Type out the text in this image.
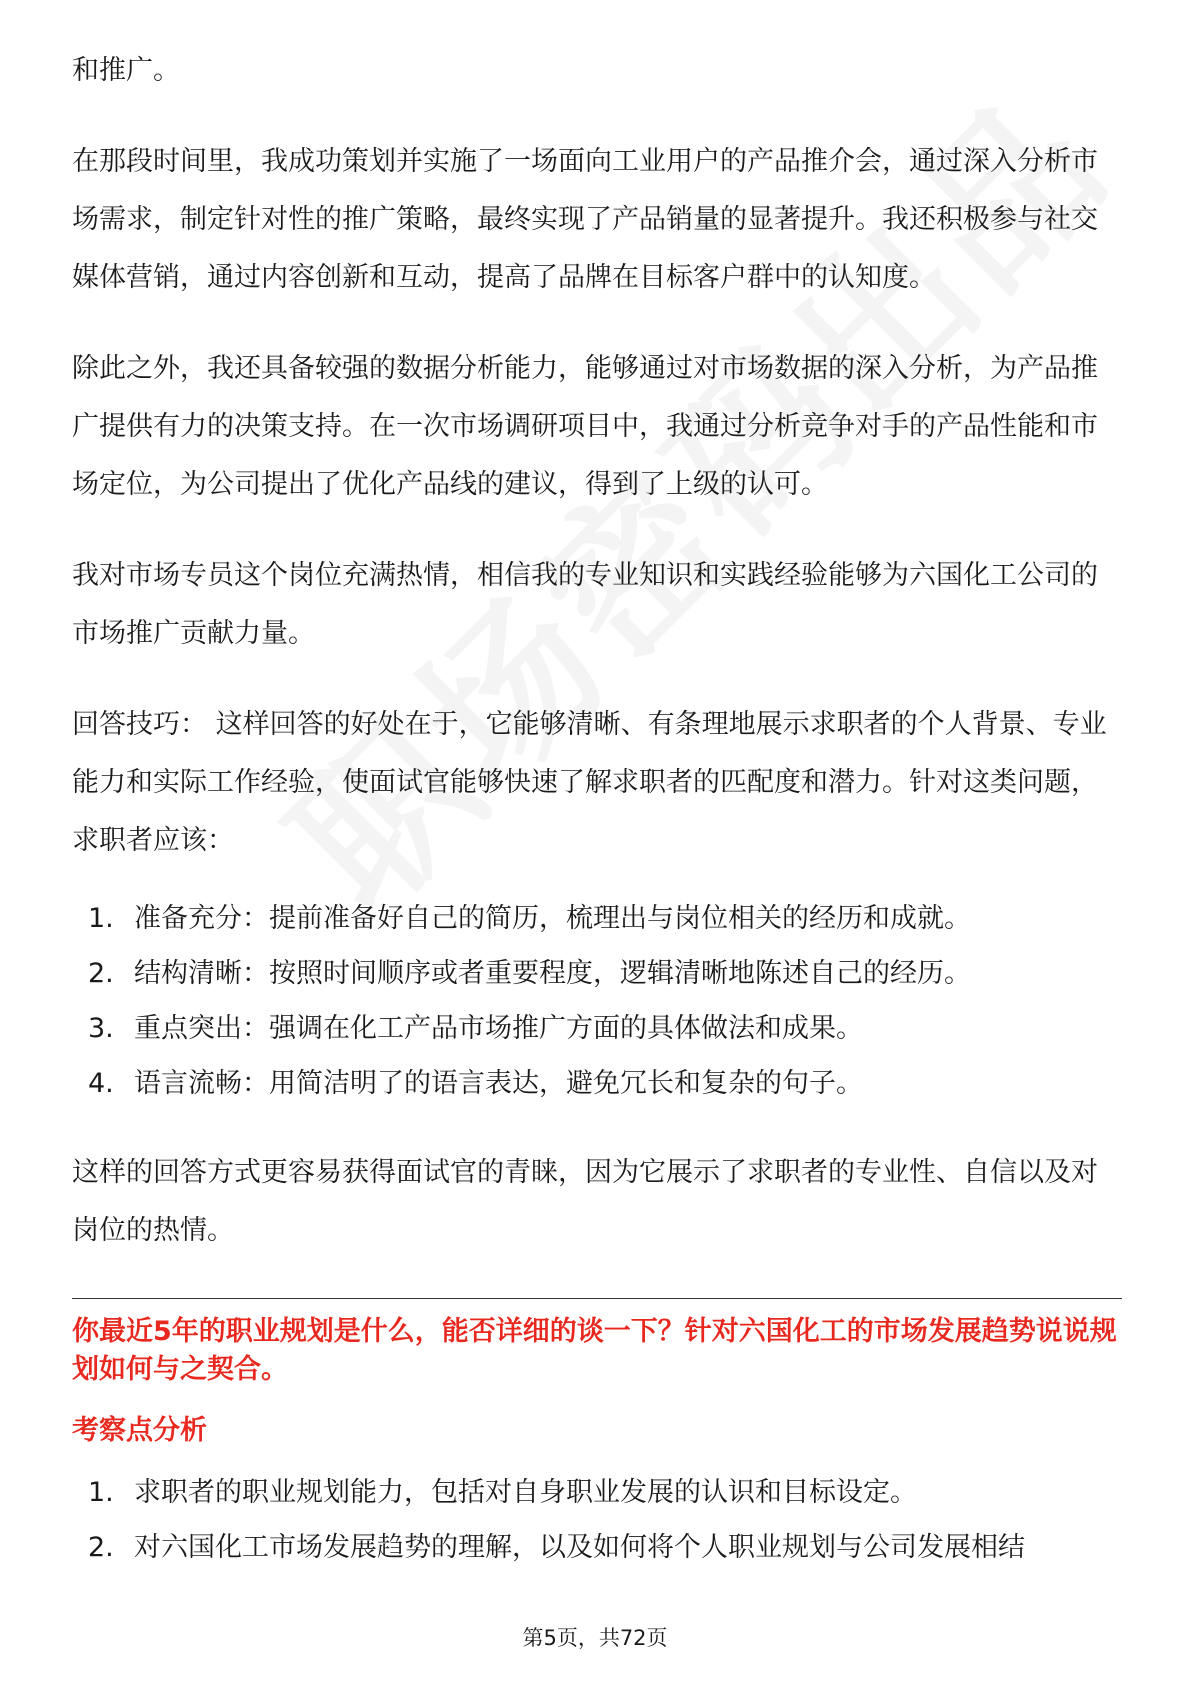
和推广。

在那段时间里，我成功策划并实施了一场面向工业用户的产品推介会，通过深入分析市场需求，制定针对性的推广策略，最终实现了产品销量的显著提升。我还积极参与社交媒体营销，通过内容创新和互动，提高了品牌在目标客户群中的认知度。

除此之外，我还具备较强的数据分析能力，能够通过对市场数据的深入分析，为产品推广提供有力的决策支持。在一次市场调研项目中，我通过分析竞争对手的产品性能和市场定位，为公司提出了优化产品线的建议，得到了上级的认可。

我对市场专员这个岗位充满热情，相信我的专业知识和实践经验能够为六国化工公司的市场推广贡献力量。

回答技巧： 这样回答的好处在于，它能够清晰、有条理地展示求职者的个人背景、专业能力和实际工作经验，使面试官能够快速了解求职者的匹配度和潜力。针对这类问题，求职者应该：

1. 准备充分：提前准备好自己的简历，梳理出与岗位相关的经历和成就。
2. 结构清晰：按照时间顺序或者重要程度，逻辑清晰地陈述自己的经历。
3. 重点突出：强调在化工产品市场推广方面的具体做法和成果。
4. 语言流畅：用简洁明了的语言表达，避免冗长和复杂的句子。

这样的回答方式更容易获得面试官的青睐，因为它展示了求职者的专业性、自信以及对岗位的热情。

你最近5年的职业规划是什么，能否详细的谈一下？针对六国化工的市场发展趋势说说规划如何与之契合。
考察点分析
1. 求职者的职业规划能力，包括对自身职业发展的认识和目标设定。
2. 对六国化工市场发展趋势的理解，以及如何将个人职业规划与公司发展相结
第5页，共72页
